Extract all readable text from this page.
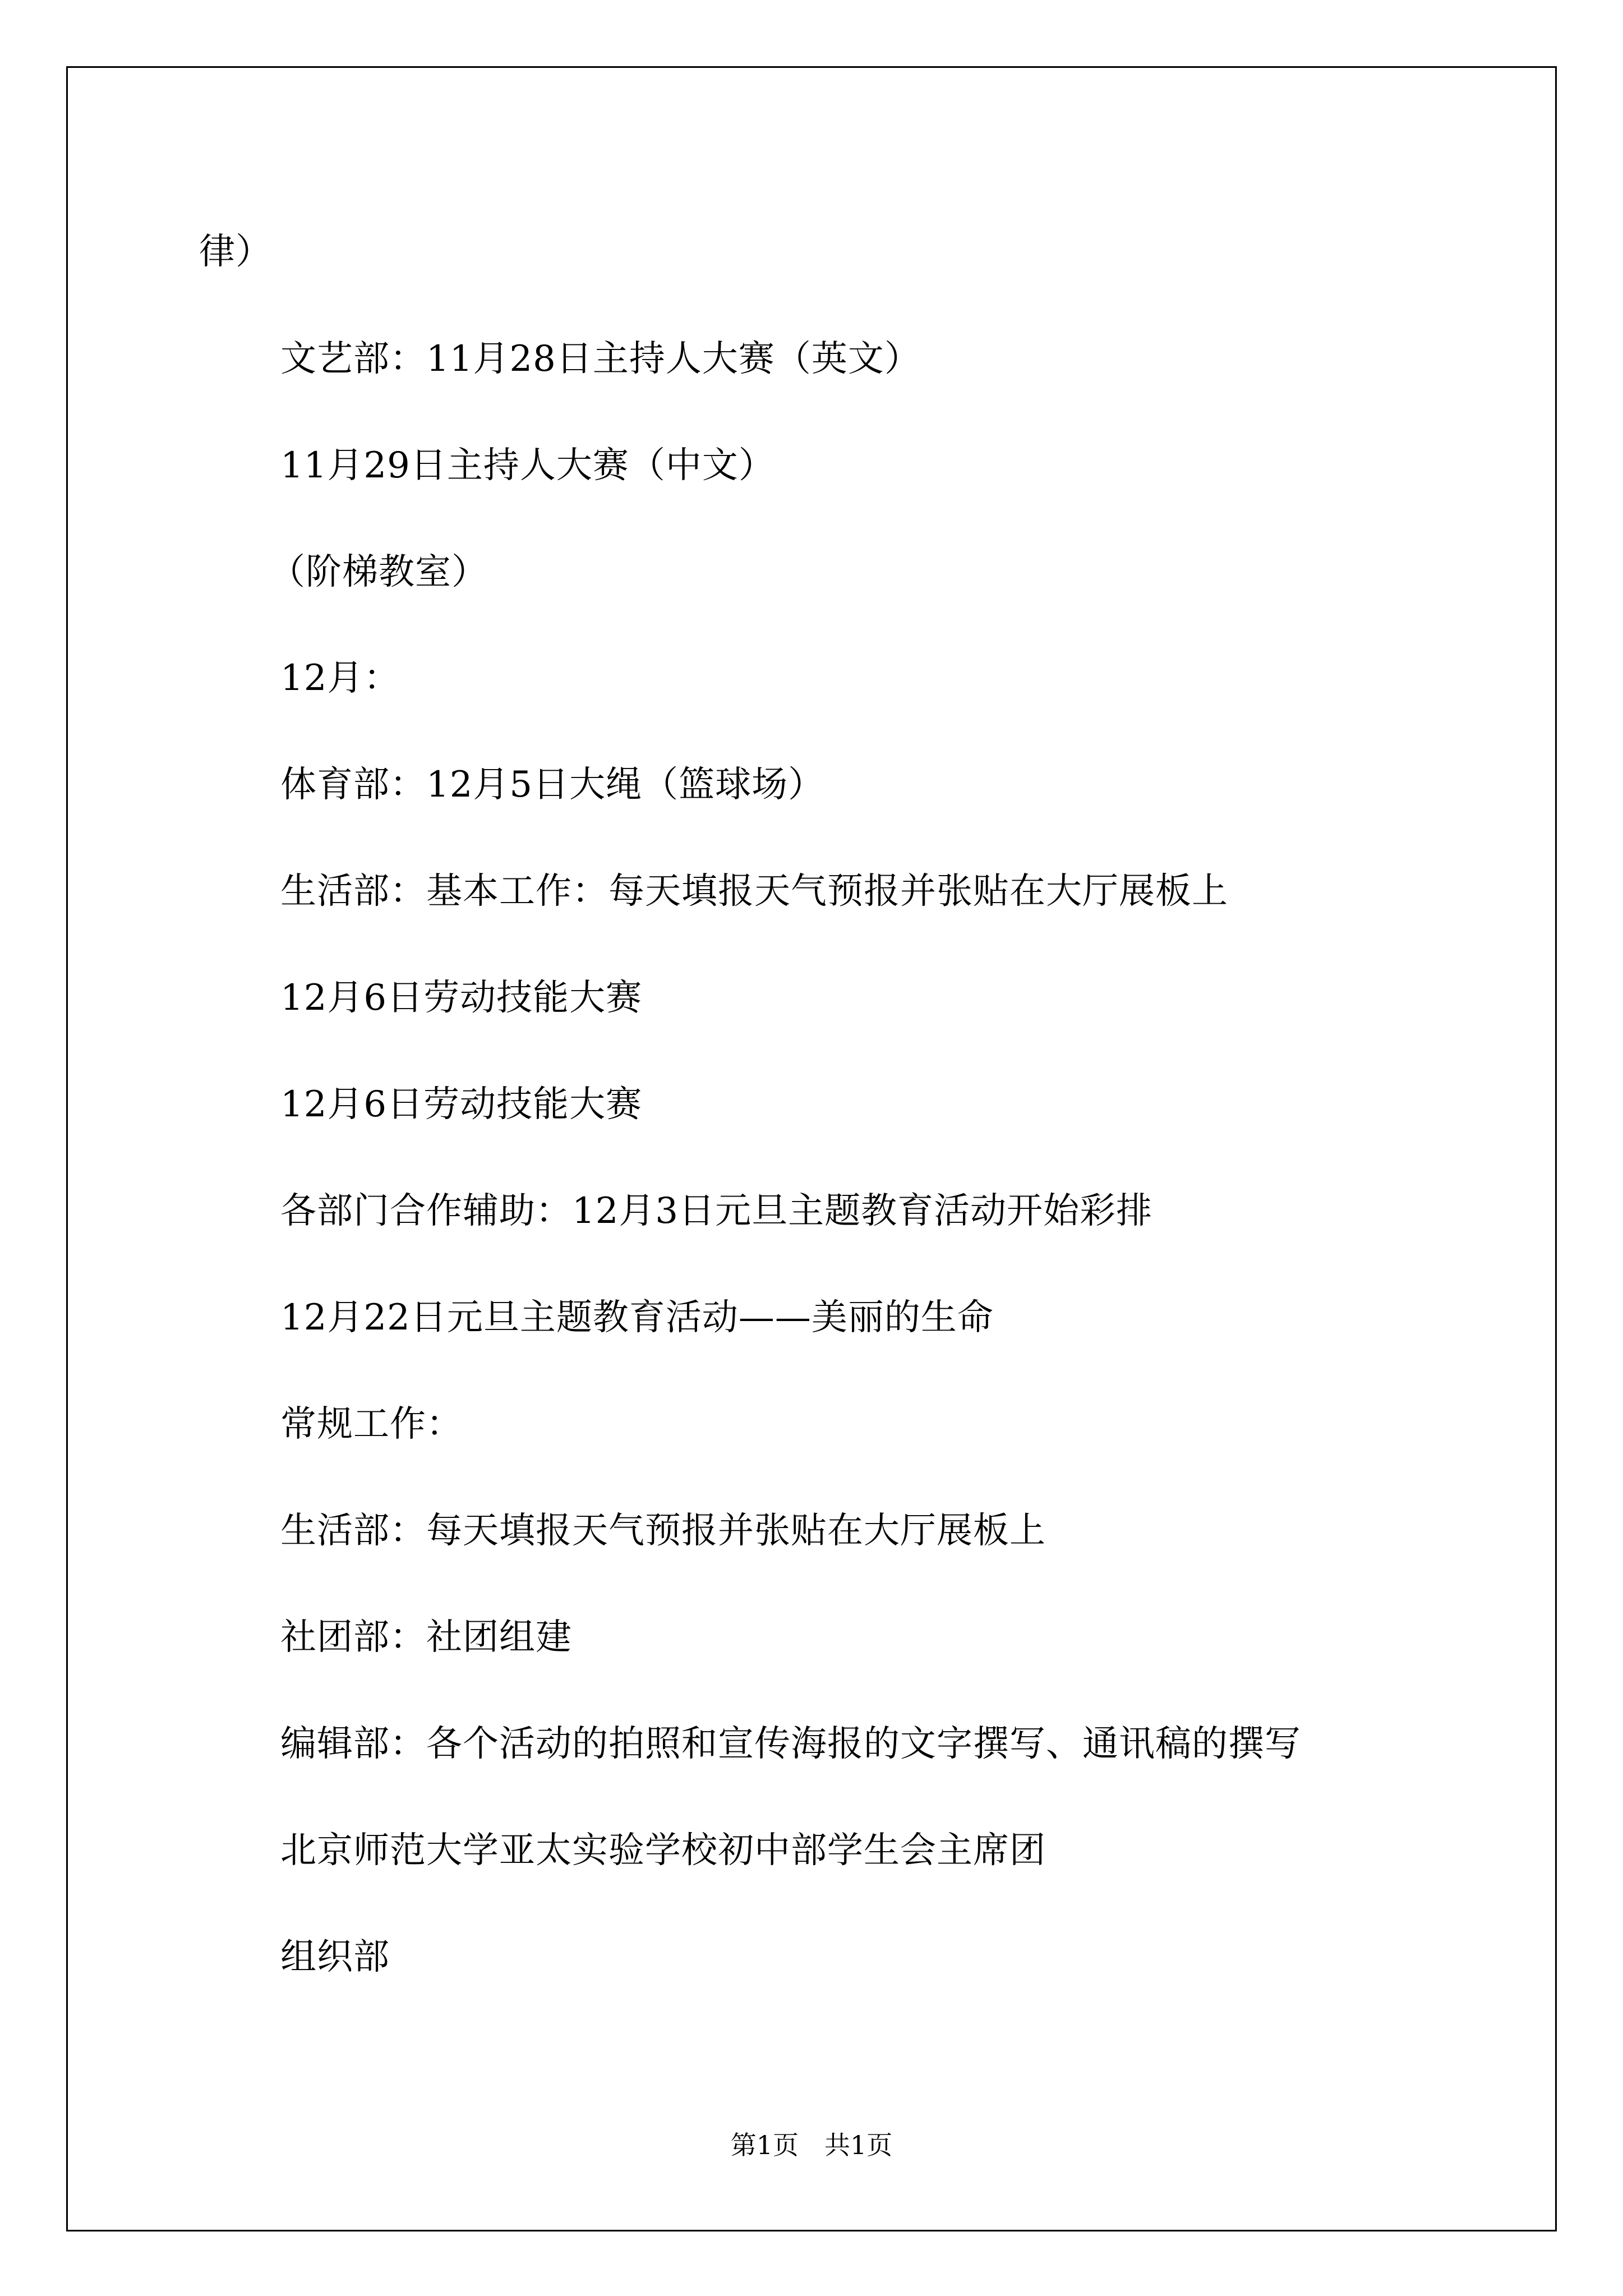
律）
文艺部：11月28日主持人大赛（英文）
11月29日主持人大赛（中文）
（阶梯教室）
12月：
体育部：12月5日大绳（篮球场）
生活部：基本工作：每天填报天气预报并张贴在大厅展板上
12月6日劳动技能大赛
12月6日劳动技能大赛
各部门合作辅助：12月3日元旦主题教育活动开始彩排
12月22日元旦主题教育活动——美丽的生命
常规工作：
生活部：每天填报天气预报并张贴在大厅展板上
社团部：社团组建
编辑部：各个活动的拍照和宣传海报的文字撰写、通讯稿的撰写
北京师范大学亚太实验学校初中部学生会主席团
组织部
第1页　共1页
